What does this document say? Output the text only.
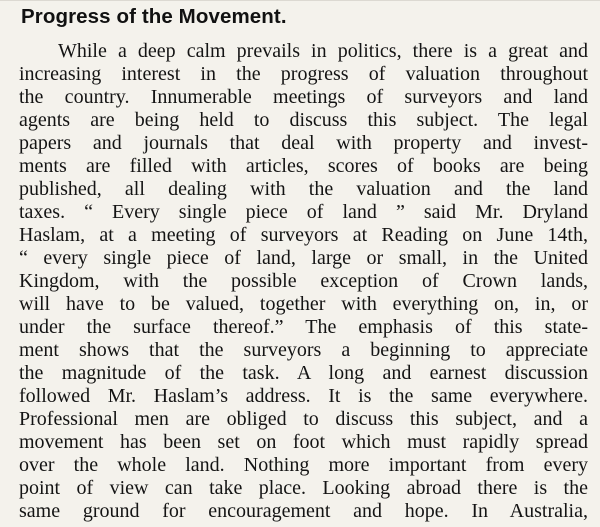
Progress of the Movement.
While a deep calm prevails in politics, there is a great and
increasing interest in the progress of valuation throughout
the country. Innumerable meetings of surveyors and land
agents are being held to discuss this subject. The legal
papers and journals that deal with property and invest-
ments are filled with articles, scores of books are being
published, all dealing with the valuation and the land
taxes. “ Every single piece of land ” said Mr. Dryland
Haslam, at a meeting of surveyors at Reading on June 14th,
“ every single piece of land, large or small, in the United
Kingdom, with the possible exception of Crown lands,
will have to be valued, together with everything on, in, or
under the surface thereof.” The emphasis of this state-
ment shows that the surveyors a beginning to appreciate
the magnitude of the task. A long and earnest discussion
followed Mr. Haslam’s address. It is the same everywhere.
Professional men are obliged to discuss this subject, and a
movement has been set on foot which must rapidly spread
over the whole land. Nothing more important from every
point of view can take place. Looking abroad there is the
same ground for encouragement and hope. In Australia,
